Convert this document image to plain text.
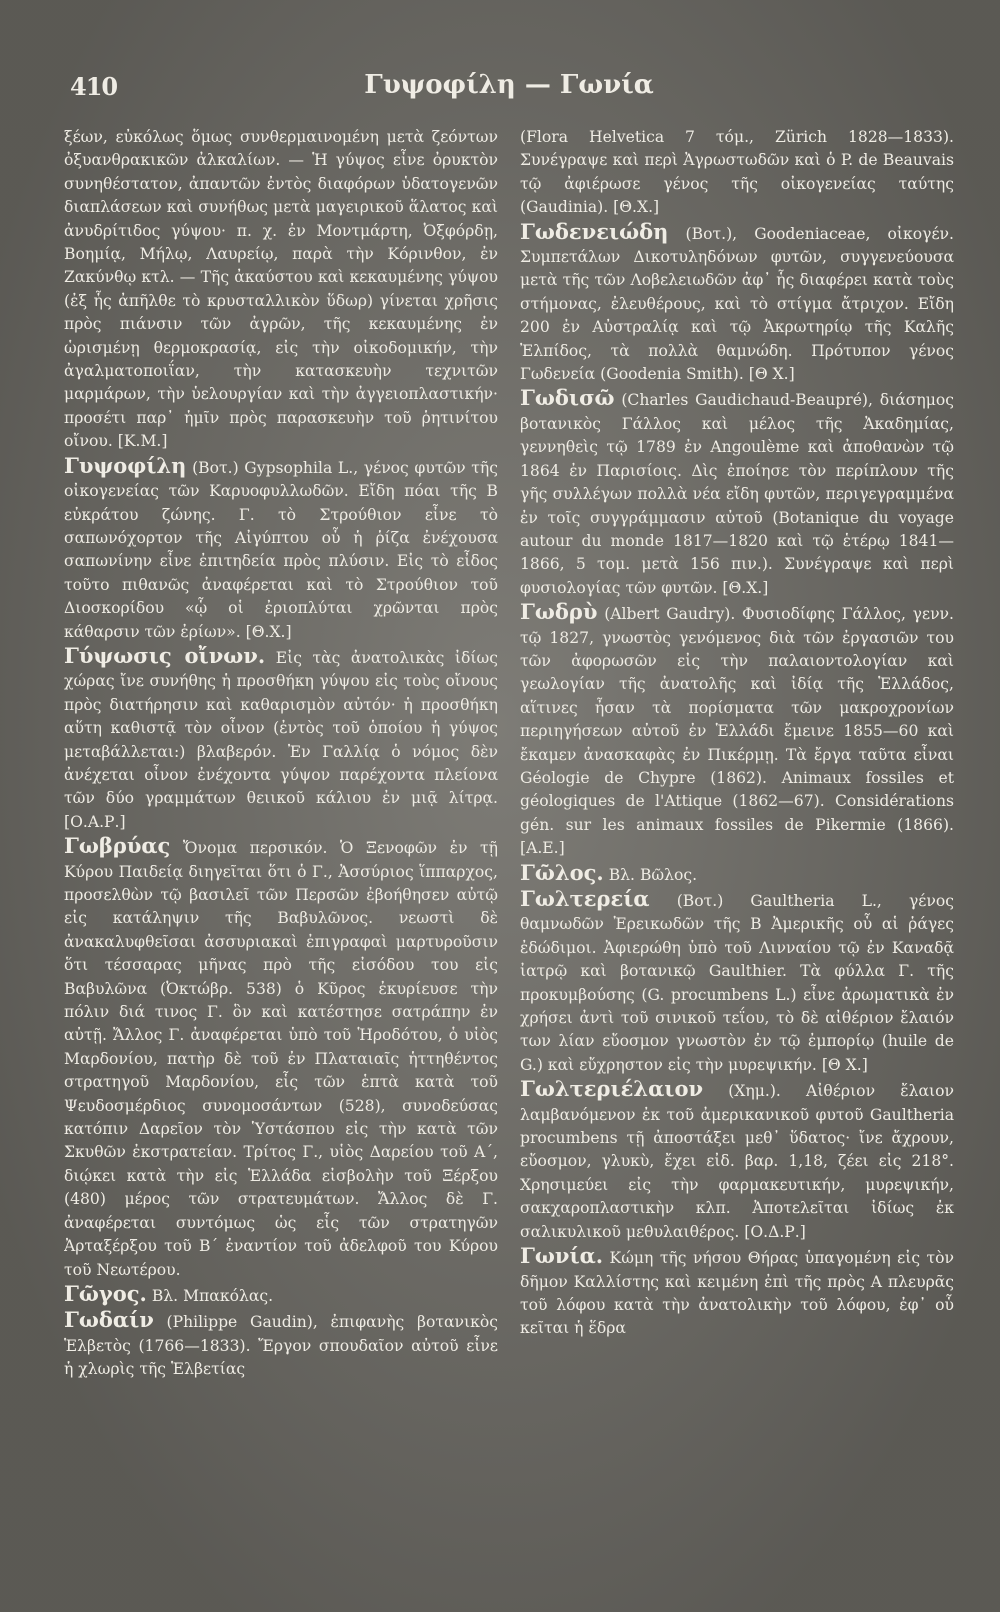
410	Γυψοφίλη — Γωνία

ξέων, εὐκόλως ὅμως συνθερμαινομένη μετὰ ζεόντων ὀξυανθρακικῶν ἀλκαλίων. — Ἡ γύψος εἶνε ὀρυκτὸν συνηθέστατον, ἀπαντῶν ἐντὸς διαφόρων ὑδατογενῶν διαπλάσεων καὶ συνήθως μετὰ μαγειρικοῦ ἅλατος καὶ ἀνυδρίτιδος γύψου· π. χ. ἐν Μοντμάρτη, Ὀξφόρδῃ, Βοημίᾳ, Μήλῳ, Λαυρείῳ, παρὰ τὴν Κόρινθον, ἐν Ζακύνθῳ κτλ. — Τῆς ἀκαύστου καὶ κεκαυμένης γύψου (ἐξ ἧς ἀπῆλθε τὸ κρυσταλλικὸν ὕδωρ) γίνεται χρῆσις πρὸς πιάνσιν τῶν ἀγρῶν, τῆς κεκαυμένης ἐν ὡρισμένῃ θερμοκρασίᾳ, εἰς τὴν οἰκοδομικήν, τὴν ἀγαλματοποιΐαν, τὴν κατασκευὴν τεχνιτῶν μαρμάρων, τὴν ὑελουργίαν καὶ τὴν ἀγγειοπλαστικήν· προσέτι παρ᾽ ἡμῖν πρὸς παρασκευὴν τοῦ ῥητινίτου οἴνου. [Κ.Μ.]

Γυψοφίλη (Βοτ.) Gypsophila L., γένος φυτῶν τῆς οἰκογενείας τῶν Καρυοφυλλωδῶν. Εἴδη πόαι τῆς Β εὐκράτου ζώνης. Γ. τὸ Στρούθιον εἶνε τὸ σαπωνόχορτον τῆς Αἰγύπτου οὗ ἡ ῥίζα ἐνέχουσα σαπωνίνην εἶνε ἐπιτηδεία πρὸς πλύσιν. Εἰς τὸ εἶδος τοῦτο πιθανῶς ἀναφέρεται καὶ τὸ Στρούθιον τοῦ Διοσκορίδου «ᾧ οἱ ἐριοπλύται χρῶνται πρὸς κάθαρσιν τῶν ἐρίων». [Θ.Χ.]

Γύψωσις οἴνων. Εἰς τὰς ἀνατολικὰς ἰδίως χώρας ἴνε συνήθης ἡ προσθήκη γύψου εἰς τοὺς οἴνους πρὸς διατήρησιν καὶ καθαρισμὸν αὐτόν· ἡ προσθήκη αὕτη καθιστᾷ τὸν οἶνον (ἐντὸς τοῦ ὁποίου ἡ γύψος μεταβάλλεται:) βλαβερόν. Ἐν Γαλλίᾳ ὁ νόμος δὲν ἀνέχεται οἶνον ἐνέχοντα γύψον παρέχοντα πλείονα τῶν δύο γραμμάτων θειικοῦ κάλιου ἐν μιᾷ λίτρᾳ. [Ο.Α.Ρ.]

Γωβρύας Ὄνομα περσικόν. Ὁ Ξενοφῶν ἐν τῇ Κύρου Παιδείᾳ διηγεῖται ὅτι ὁ Γ., Ἀσσύριος ἵππαρχος, προσελθὼν τῷ βασιλεῖ τῶν Περσῶν ἐβοήθησεν αὐτῷ εἰς κατάληψιν τῆς Βαβυλῶνος. νεωστὶ δὲ ἀνακαλυφθεῖσαι ἀσσυριακαὶ ἐπιγραφαὶ μαρτυροῦσιν ὅτι τέσσαρας μῆνας πρὸ τῆς εἰσόδου του εἰς Βαβυλῶνα (Ὀκτώβρ. 538) ὁ Κῦρος ἐκυρίευσε τὴν πόλιν διά τινος Γ. ὃν καὶ κατέστησε σατράπην ἐν αὐτῇ. Ἄλλος Γ. ἀναφέρεται ὑπὸ τοῦ Ἡροδότου, ὁ υἱὸς Μαρδονίου, πατὴρ δὲ τοῦ ἐν Πλαταιαῖς ἡττηθέντος στρατηγοῦ Μαρδονίου, εἷς τῶν ἑπτὰ κατὰ τοῦ Ψευδοσμέρδιος συνομοσάντων (528), συνοδεύσας κατόπιν Δαρεῖον τὸν Ὑστάσπου εἰς τὴν κατὰ τῶν Σκυθῶν ἐκστρατείαν. Τρίτος Γ., υἱὸς Δαρείου τοῦ Α΄, διῴκει κατὰ τὴν εἰς Ἑλλάδα εἰσβολὴν τοῦ Ξέρξου (480) μέρος τῶν στρατευμάτων. Ἄλλος δὲ Γ. ἀναφέρεται συντόμως ὡς εἷς τῶν στρατηγῶν Ἀρταξέρξου τοῦ Β΄ ἐναντίον τοῦ ἀδελφοῦ του Κύρου τοῦ Νεωτέρου.

Γῶγος. Βλ. Μπακόλας.

Γωδαίν (Philippe Gaudin), ἐπιφανὴς βοτανικὸς Ἑλβετὸς (1766—1833). Ἔργον σπουδαῖον αὐτοῦ εἶνε ἡ χλωρὶς τῆς Ἑλβετίας

(Flora Helvetica 7 τόμ., Zürich 1828—1833). Συνέγραψε καὶ περὶ Ἀγρωστωδῶν καὶ ὁ P. de Beauvais τῷ ἀφιέρωσε γένος τῆς οἰκογενείας ταύτης (Gaudinia). [Θ.Χ.]

Γωδενειώδη (Βοτ.), Goodeniaceae, οἰκογέν. Συμπετάλων Δικοτυληδόνων φυτῶν, συγγενεύουσα μετὰ τῆς τῶν Λοβελειωδῶν ἀφ᾽ ἧς διαφέρει κατὰ τοὺς στήμονας, ἐλευθέρους, καὶ τὸ στίγμα ἄτριχον. Εἴδη 200 ἐν Αὐστραλίᾳ καὶ τῷ Ἀκρωτηρίῳ τῆς Καλῆς Ἐλπίδος, τὰ πολλὰ θαμνώδη. Πρότυπον γένος Γωδενεία (Goodenia Smith). [Θ Χ.]

Γωδισῶ (Charles Gaudichaud-Beaupré), διάσημος βοτανικὸς Γάλλος καὶ μέλος τῆς Ἀκαδημίας, γεννηθεὶς τῷ 1789 ἐν Angoulème καὶ ἀποθανὼν τῷ 1864 ἐν Παρισίοις. Δὶς ἐποίησε τὸν περίπλουν τῆς γῆς συλλέγων πολλὰ νέα εἴδη φυτῶν, περιγεγραμμένα ἐν τοῖς συγγράμμασιν αὐτοῦ (Botanique du voyage autour du monde 1817—1820 καὶ τῷ ἑτέρῳ 1841—1866, 5 τομ. μετὰ 156 πιν.). Συνέγραψε καὶ περὶ φυσιολογίας τῶν φυτῶν. [Θ.Χ.]

Γωδρὺ (Albert Gaudry). Φυσιοδίφης Γάλλος, γενν. τῷ 1827, γνωστὸς γενόμενος διὰ τῶν ἐργασιῶν του τῶν ἀφορωσῶν εἰς τὴν παλαιοντολογίαν καὶ γεωλογίαν τῆς ἀνατολῆς καὶ ἰδίᾳ τῆς Ἑλλάδος, αἵτινες ἦσαν τὰ πορίσματα τῶν μακροχρονίων περιηγήσεων αὐτοῦ ἐν Ἑλλάδι ἔμεινε 1855—60 καὶ ἔκαμεν ἀνασκαφὰς ἐν Πικέρμῃ. Τὰ ἔργα ταῦτα εἶναι Géologie de Chypre (1862). Animaux fossiles et géologiques de l'Attique (1862—67). Considérations gén. sur les animaux fossiles de Pikermie (1866). [Α.Ε.]

Γῶλος. Βλ. Βῶλος.

Γωλτερεία (Βοτ.) Gaultheria L., γένος θαμνωδῶν Ἐρεικωδῶν τῆς Β Ἀμερικῆς οὗ αἱ ῥάγες ἐδώδιμοι. Ἀφιερώθη ὑπὸ τοῦ Λινναίου τῷ ἐν Καναδᾷ ἰατρῷ καὶ βοτανικῷ Gaulthier. Τὰ φύλλα Γ. τῆς προκυμβούσης (G. procumbens L.) εἶνε ἀρωματικὰ ἐν χρήσει ἀντὶ τοῦ σινικοῦ τεΐου, τὸ δὲ αἰθέριον ἔλαιόν των λίαν εὔοσμον γνωστὸν ἐν τῷ ἐμπορίῳ (huile de G.) καὶ εὔχρηστον εἰς τὴν μυρεψικήν. [Θ Χ.]

Γωλτεριέλαιον (Χημ.). Αἰθέριον ἔλαιον λαμβανόμενον ἐκ τοῦ ἀμερικανικοῦ φυτοῦ Gaultheria procumbens τῇ ἀποστάξει μεθ᾽ ὕδατος· ἴνε ἄχρουν, εὔοσμον, γλυκὺ, ἔχει εἰδ. βαρ. 1,18, ζέει εἰς 218°. Χρησιμεύει εἰς τὴν φαρμακευτικήν, μυρεψικήν, σακχαροπλαστικὴν κλπ. Ἀποτελεῖται ἰδίως ἐκ σαλικυλικοῦ μεθυλαιθέρος. [Ο.Δ.Ρ.]

Γωνία. Κώμη τῆς νήσου Θήρας ὑπαγομένη εἰς τὸν δῆμον Καλλίστης καὶ κειμένη ἐπὶ τῆς πρὸς Α πλευρᾶς τοῦ λόφου κατὰ τὴν ἀνατολικὴν τοῦ λόφου, ἐφ᾽ οὗ κεῖται ἡ ἕδρα
